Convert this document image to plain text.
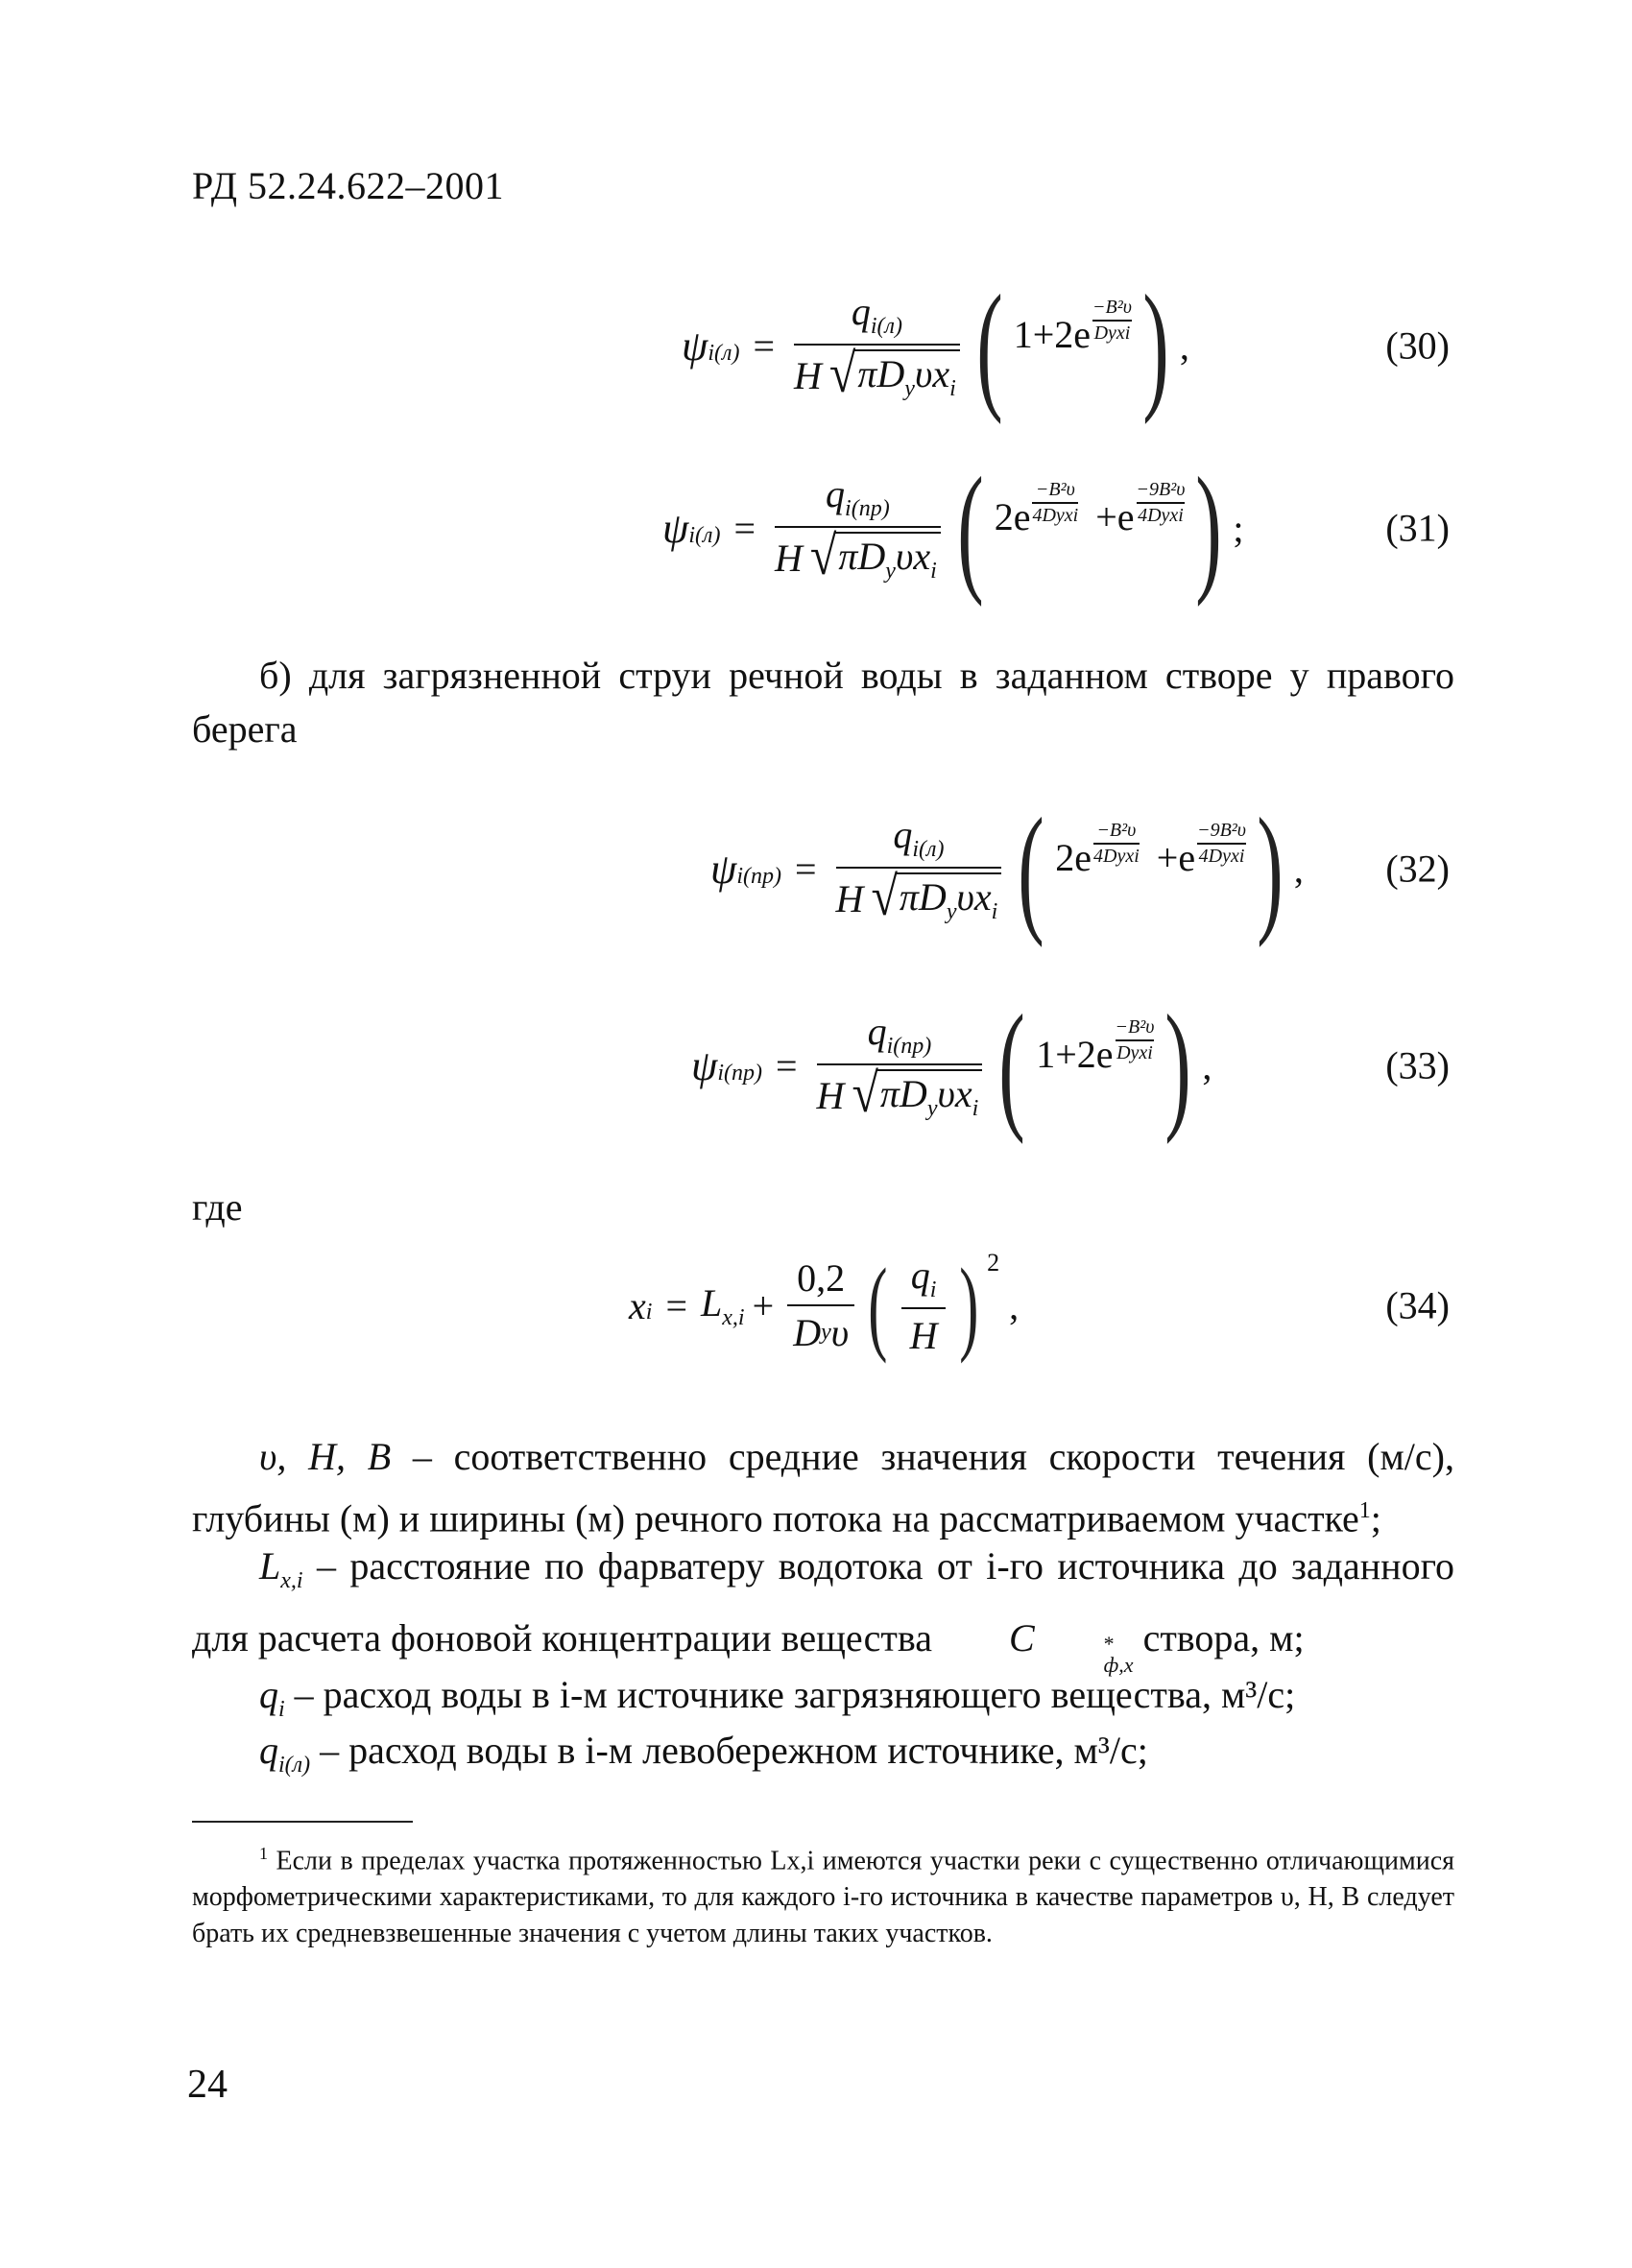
РД 52.24.622–2001
$\psi_{i(л)} = \frac{q_{i(л)}}{H √ \pi D_y\upsilon x_i}$ ( 1+2e
−B²υ
Dyxi ) ,	(30)
$\psi_{i(л)} = \frac{q_{i(пр)}}{H √ \pi D_y\upsilon x_i}$ ( 2e
−B²υ
4Dyxi +e
−9B²υ
4Dyxi ) ;	(31)
б) для загрязненной струи речной воды в заданном створе у правого берега
$\psi_{i(пр)} = \frac{q_{i(л)}}{H √ \pi D_y\upsilon x_i}$ ( 2e
−B²υ
4Dyxi +e
−9B²υ
4Dyxi ) , (32)
$\psi_{i(пр)} = \frac{q_{i(пр)}}{H √ \pi D_y\upsilon x_i}$ ( 1+2e
−B²υ
Dyxi ) ,	(33)
где
x $i = L_{x,i} + \frac{0,2}{\text{D y υ}}$ ( $\frac{q_i}{H}$ ) 2
,	(34)
υ, H, B – соответственно средние значения скорости течения (м/с), глубины (м) и ширины (м) речного потока на рассматриваемом участке$^1$;
$L_{x,i}$ – расстояние по фарватеру водотока от i-го источника до заданного для расчета фоновой концентрации вещества	C	*
ф,x
створа, м;
$q_i$ – расход воды в i-м источнике загрязняющего вещества, м³/с;
$q_{i(л)}$ – расход воды в i-м левобережном источнике, м³/с;
$^1$ Если в пределах участка протяженностью Lx,i имеются участки реки с существенно отличающимися морфометрическими характеристиками, то для каждого i-го источника в качестве параметров υ, H, B следует брать их средневзвешенные значения с учетом длины таких участков.
24
